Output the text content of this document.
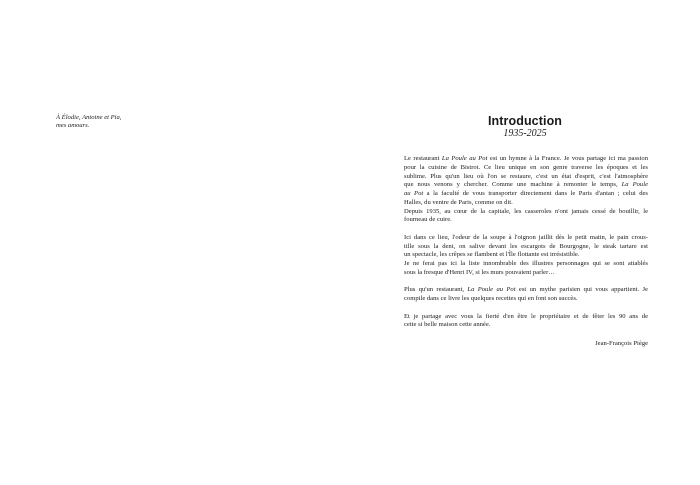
À Élodie, Antoine et Pia,
mes amours.	Introduction
1935-2025
Le restaurant La Poule au Pot est un hymne à la France. Je vous partage ici ma passion
pour la cuisine de Bistrot. Ce lieu unique en son genre traverse les époques et les
sublime. Plus qu'un lieu où l'on se restaure, c'est un état d'esprit, c'est l'atmosphère
que nous venons y chercher. Comme une machine à remonter le temps, La Poule
au Pot a la faculté de vous transporter directement dans le Paris d'antan ; celui des
Halles, du ventre de Paris, comme on dit.
Depuis 1935, au cœur de la capitale, les casseroles n'ont jamais cessé de bouillir, le
fourneau de cuire.
Ici dans ce lieu, l'odeur de la soupe à l'oignon jaillit dès le petit matin, le pain crous-
tille sous la dent, on salive devant les escargots de Bourgogne, le steak tartare est
un spectacle, les crêpes se flambent et l'Île flottante est irrésistible.
Je ne ferai pas ici la liste innombrable des illustres personnages qui se sont attablés
sous la fresque d'Henri IV, si les murs pouvaient parler…
Plus qu'un restaurant, La Poule au Pot est un mythe parisien qui vous appartient. Je
compile dans ce livre les quelques recettes qui en font son succès.
Et je partage avec vous la fierté d'en être le propriétaire et de fêter les 90 ans de
cette si belle maison cette année.
Jean-François Piège
